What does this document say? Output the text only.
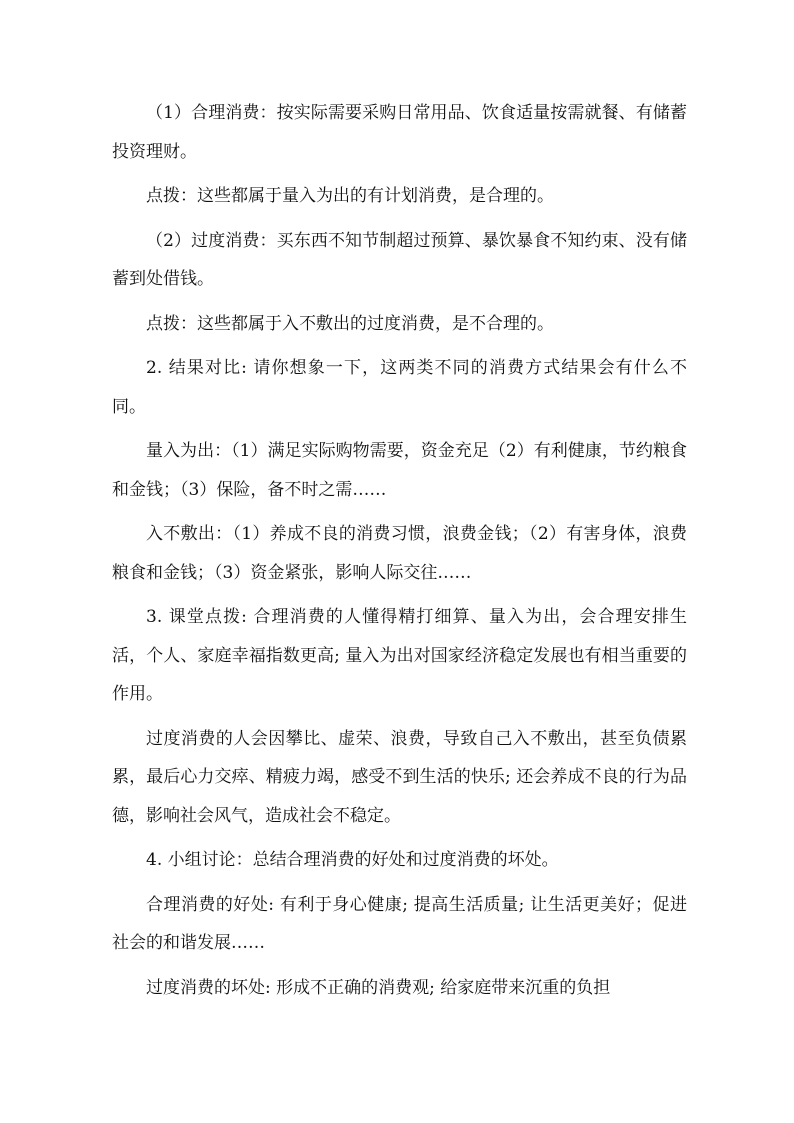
（1）合理消费：按实际需要采购日常用品、饮食适量按需就餐、有储蓄投资理财。

点拨：这些都属于量入为出的有计划消费，是合理的。

（2）过度消费：买东西不知节制超过预算、暴饮暴食不知约束、没有储蓄到处借钱。

点拨：这些都属于入不敷出的过度消费，是不合理的。

2. 结果对比: 请你想象一下，这两类不同的消费方式结果会有什么不同。

量入为出：（1）满足实际购物需要，资金充足（2）有利健康，节约粮食和金钱；（3）保险，备不时之需……

入不敷出：（1）养成不良的消费习惯，浪费金钱；（2）有害身体，浪费粮食和金钱；（3）资金紧张，影响人际交往……

3. 课堂点拨: 合理消费的人懂得精打细算、量入为出，会合理安排生活，个人、家庭幸福指数更高; 量入为出对国家经济稳定发展也有相当重要的作用。

过度消费的人会因攀比、虚荣、浪费，导致自己入不敷出，甚至负债累累，最后心力交瘁、精疲力竭，感受不到生活的快乐; 还会养成不良的行为品德，影响社会风气，造成社会不稳定。

4. 小组讨论：总结合理消费的好处和过度消费的坏处。

合理消费的好处: 有利于身心健康; 提高生活质量; 让生活更美好；促进社会的和谐发展……

过度消费的坏处: 形成不正确的消费观; 给家庭带来沉重的负担
